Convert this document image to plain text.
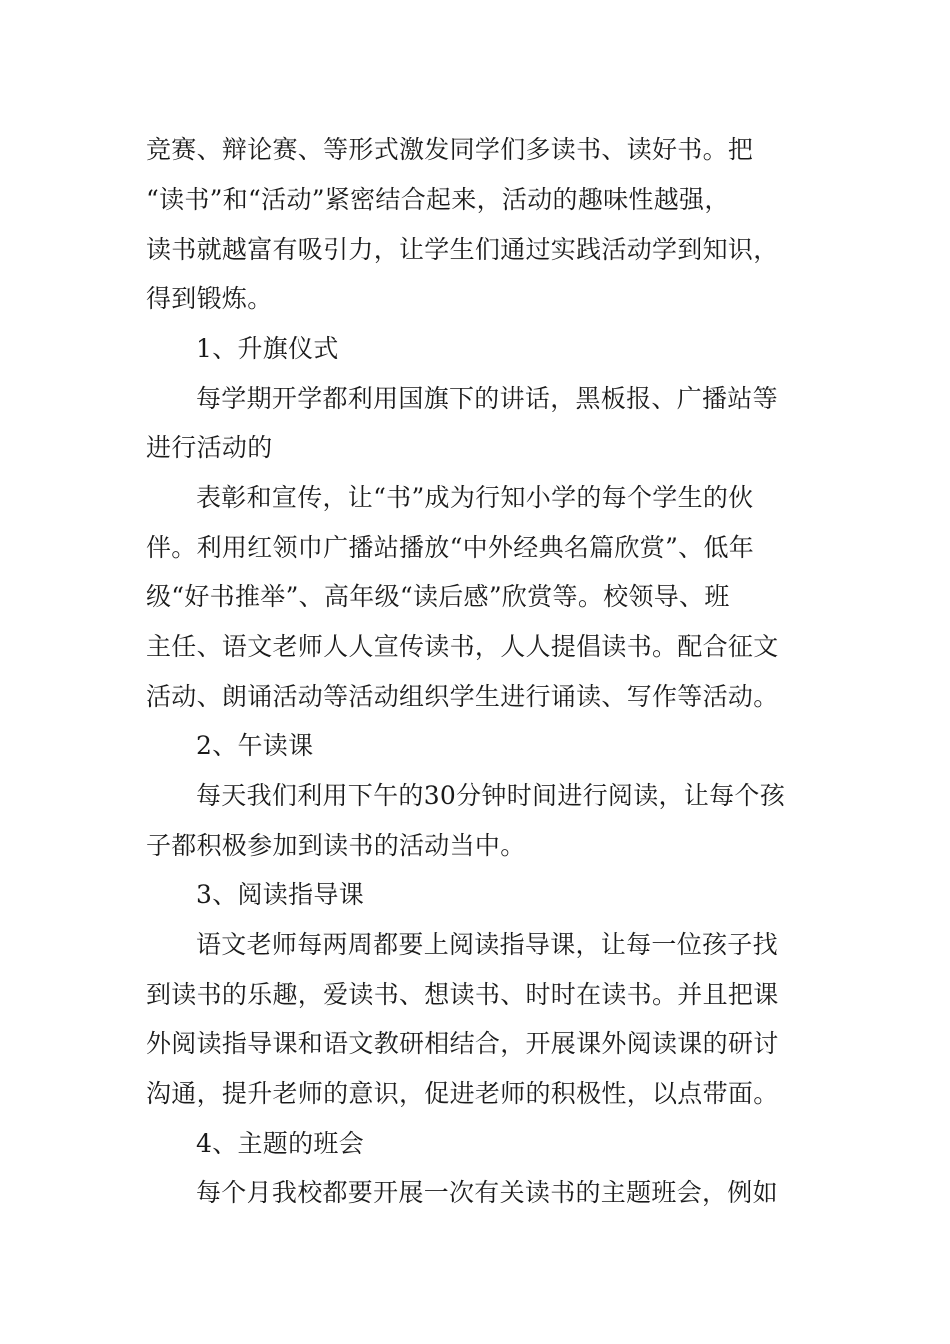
竞赛、辩论赛、等形式激发同学们多读书、读好书。把
“读书”和“活动”紧密结合起来，活动的趣味性越强，
读书就越富有吸引力，让学生们通过实践活动学到知识，
得到锻炼。
1、升旗仪式
每学期开学都利用国旗下的讲话，黑板报、广播站等
进行活动的
表彰和宣传，让“书”成为行知小学的每个学生的伙
伴。利用红领巾广播站播放“中外经典名篇欣赏”、低年
级“好书推举”、高年级“读后感”欣赏等。校领导、班
主任、语文老师人人宣传读书，人人提倡读书。配合征文
活动、朗诵活动等活动组织学生进行诵读、写作等活动。
2、午读课
每天我们利用下午的30分钟时间进行阅读，让每个孩
子都积极参加到读书的活动当中。
3、阅读指导课
语文老师每两周都要上阅读指导课，让每一位孩子找
到读书的乐趣，爱读书、想读书、时时在读书。并且把课
外阅读指导课和语文教研相结合，开展课外阅读课的研讨
沟通，提升老师的意识，促进老师的积极性，以点带面。
4、主题的班会
每个月我校都要开展一次有关读书的主题班会，例如
